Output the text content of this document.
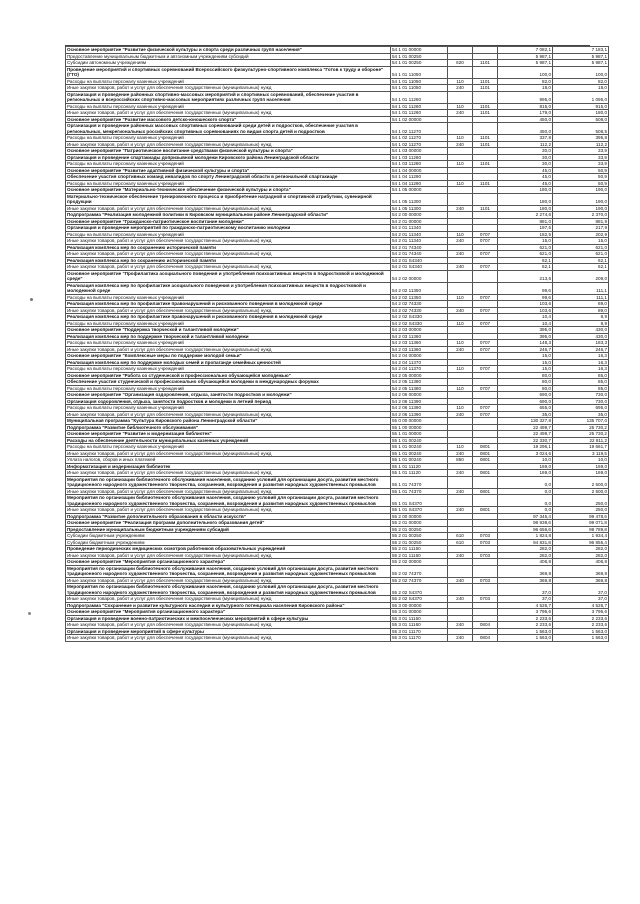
Основное мероприятие "Развитие физической культуры и спорта среди различных групп населения"	54 1 01 00000			7 082,1	7 183,1
Предоставление муниципальным бюджетным и автономным учреждениям субсидий	54 1 01 00250			5 987,1	5 987,1
Субсидии автономным учреждениям	54 1 01 00250	620	1101	5 987,1	5 987,1
Проведение мероприятий и спортивных соревнований Всероссийского физкультурно-спортивного комплекса "Готов к труду и обороне" (ГТО)	54 1 01 11050			100,0	100,0
Расходы на выплаты персоналу казенных учреждений	54 1 01 11050	110	1101	82,0	82,0
Иные закупки товаров, работ и услуг для обеспечения государственных (муниципальных) нужд	54 1 01 11050	240	1101	18,0	18,0
Организация и проведение районных спортивно-массовых мероприятий и спортивных соревнований, обеспечение участия в региональных и всероссийских спортивно-массовых мероприятиях различных групп населения	54 1 01 11260			995,0	1 096,0
Расходы на выплаты персоналу казенных учреждений	54 1 01 11260	110	1101	815,0	915,0
Иные закупки товаров, работ и услуг для обеспечения государственных (муниципальных) нужд	54 1 01 11260	240	1101	179,0	180,0
Основное мероприятие "Развитие массового детско-юношеского спорта"	54 1 02 00000			450,0	508,0
Организация и проведение районных массовых спортивных соревнований среди детей и подростков, обеспечение участия в региональных, межрегиональных российских спортивных соревнованиях по видам спорта детей и подростков	54 1 02 11270			450,0	508,5
Расходы на выплаты персоналу казенных учреждений	54 1 02 11270	110	1101	337,8	395,8
Иные закупки товаров, работ и услуг для обеспечения государственных (муниципальных) нужд	54 1 02 11270	240	1101	112,2	112,2
Основное мероприятие "Патриотическое воспитание средствами физической культуры и спорта"	54 1 03 00000			30,0	33,9
Организация и проведение спартакиады допризывной молодежи Кировского района Ленинградской области	54 1 03 11280			30,0	33,9
Расходы на выплаты персоналу казенных учреждений	54 1 03 11280	110	1101	30,0	33,9
Основное мероприятие "Развитие адаптивной физической культуры и спорта"	54 1 04 00000			45,0	50,9
Обеспечение участия спортивных команд инвалидов по спорту Ленинградской области в региональной спартакиаде	54 1 04 11290			45,0	50,9
Расходы на выплаты персоналу казенных учреждений	54 1 04 11290	110	1101	45,0	50,9
Основное мероприятие "Материально-техническое обеспечение физической культуры и спорта"	54 1 05 00000			180,0	190,0
Материально-техническое обеспечение тренировочного процесса и приобретение наградной и спортивной атрибутики, сувенирной продукции	54 1 05 11300			180,0	190,0
Иные закупки товаров, работ и услуг для обеспечения государственных (муниципальных) нужд	54 1 05 11300	240	1101	180,0	190,0
Подпрограмма "Реализация молодежной политики в Кировском муниципальном районе Ленинградской области"	54 2 00 00000			2 274,6	2 370,0
Основное мероприятие "Гражданско-патриотическое воспитание молодежи"	54 2 01 00000			881,0	881,9
Организация и проведение мероприятий по гражданско-патриотическому воспитанию молодежи	54 2 01 11340			197,5	217,9
Расходы на выплаты персоналу казенных учреждений	54 2 01 11340	110	0707	182,5	202,9
Иные закупки товаров, работ и услуг для обеспечения государственных (муниципальных) нужд	54 2 01 11340	240	0707	15,0	15,0
Реализация комплекса мер по сохранению исторической памяти	54 2 01 74340			621,0	621,0
Иные закупки товаров, работ и услуг для обеспечения государственных (муниципальных) нужд	54 2 01 74340	240	0707	621,0	621,0
Реализация комплекса мер по сохранению исторической памяти	54 2 01 S4340			62,1	62,1
Иные закупки товаров, работ и услуг для обеспечения государственных (муниципальных) нужд	54 2 01 S4340	240	0707	62,1	62,1
Основное мероприятие "Профилактика асоциального поведения и употребления психоактивных веществ в подростковой и молодежной среде"	54 2 02 00000			213,6	209,0
Реализация комплекса мер по профилактике асоциального поведения и употребления психоактивных веществ в подростковой и молодежной среде	54 2 02 11350			99,6	111,1
Расходы на выплаты персоналу казенных учреждений	54 2 02 11350	110	0707	99,6	111,1
Реализация комплекса мер по профилактике правонарушений и рискованного поведения в молодежной среде	54 2 02 74330			103,6	89,0
Иные закупки товаров, работ и услуг для обеспечения государственных (муниципальных) нужд	54 2 02 74330	240	0707	103,6	89,0
Реализация комплекса мер по профилактике правонарушений и рискованного поведения в молодежной среде	54 2 02 S4330			10,4	8,9
Расходы на выплаты персоналу казенных учреждений	54 2 02 S4330	110	0707	10,4	8,9
Основное мероприятие "Поддержка творческой и талантливой молодежи"	54 2 03 00000			395,0	430,0
Реализация комплекса мер по поддержке творческой и талантливой молодежи	54 2 03 11360			395,0	430,0
Расходы на выплаты персоналу казенных учреждений	54 2 03 11360	110	0707	148,3	183,3
Иные закупки товаров, работ и услуг для обеспечения государственных (муниципальных) нужд	54 2 03 11360	240	0707	246,7	246,7
Основное мероприятие "Комплексные меры по поддержке молодой семьи"	54 2 04 00000			15,0	16,3
Реализация комплекса мер по поддержке молодых семей и пропаганде семейных ценностей	54 2 04 11370			15,0	16,3
Расходы на выплаты персоналу казенных учреждений	54 2 04 11370	110	0707	15,0	16,3
Основное мероприятие "Работа со студенческой и профессионально обучающейся молодежью"	54 2 05 00000			80,0	85,0
Обеспечение участия студенческой и профессионально обучающейся молодежи в международных форумах	54 2 05 11380			80,0	85,0
Расходы на выплаты персоналу казенных учреждений	54 2 05 11380	110	0707	80,0	85,0
Основное мероприятие "Организация оздоровления, отдыха, занятости подростков и молодежи"	54 2 06 00000			690,0	730,0
Организация оздоровления, отдыха, занятости подростков и молодежи в летний период	54 2 06 11390			690,0	730,0
Расходы на выплаты персоналу казенных учреждений	54 2 06 11390	110	0707	655,0	695,0
Иные закупки товаров, работ и услуг для обеспечения государственных (муниципальных) нужд	54 2 06 11390	240	0707	35,0	35,0
Муниципальная программа "Культура Кировского района Ленинградской области"	55 0 00 00000			130 327,8	135 707,0
Подпрограмма "Развитие библиотечного обслуживания"	55 1 00 00000			22 499,7	25 730,2
Основное мероприятие "Развитие и модернизация библиотек"	55 1 01 00000			22 499,7	25 730,2
Расходы на обеспечение деятельности муниципальных казенных учреждений	55 1 01 00240			22 330,7	22 811,2
Расходы на выплаты персоналу казенных учреждений	55 1 01 00240	110	0801	19 296,1	19 661,7
Иные закупки товаров, работ и услуг для обеспечения государственных (муниципальных) нужд	55 1 01 00240	240	0801	3 024,6	3 119,5
Уплата налогов, сборов и иных платежей	55 1 01 00240	850	0801	10,0	10,0
Информатизация и модернизация библиотек	55 1 01 11120			169,0	169,0
Иные закупки товаров, работ и услуг для обеспечения государственных (муниципальных) нужд	55 1 01 11120	240	0801	169,0	169,0
Мероприятия по организации библиотечного обслуживания населения, созданию условий для организации досуга, развития местного традиционного народного художественного творчества, сохранения, возрождения и развития народных художественных промыслов	55 1 01 74370			0,0	2 500,0
Иные закупки товаров, работ и услуг для обеспечения государственных (муниципальных) нужд	55 1 01 74370	240	0801	0,0	2 500,0
Мероприятия по организации библиотечного обслуживания населения, созданию условий для организации досуга, развития местного традиционного народного художественного творчества, сохранения, возрождения и развития народных художественных промыслов	55 1 01 S4370			0,0	250,0
Иные закупки товаров, работ и услуг для обеспечения государственных (муниципальных) нужд	55 1 01 S4370	240	0801	0,0	250,0
Подпрограмма "Развитие дополнительного образования в области искусств"	55 2 00 00000			97 345,4	99 478,6
Основное мероприятие "Реализация программ дополнительного образования детей"	55 2 01 00000			96 938,6	99 071,8
Предоставление муниципальным бюджетным учреждениям субсидий	55 2 01 00250			96 656,6	98 789,8
Субсидии бюджетным учреждениям	55 2 01 00250	610	0703	1 824,8	1 934,4
Субсидии бюджетным учреждениям	55 2 01 00250	610	0703	94 831,8	96 855,4
Проведение периодических медицинских осмотров работников образовательных учреждений	55 2 01 11160			282,0	282,0
Иные закупки товаров, работ и услуг для обеспечения государственных (муниципальных) нужд	55 2 01 11160	240	0703	282,0	282,0
Основное мероприятие "Мероприятия организационного характера"	55 2 02 00000			406,8	406,8
Мероприятия по организации библиотечного обслуживания населения, созданию условий для организации досуга, развития местного традиционного народного художественного творчества, сохранения, возрождения и развития народных художественных промыслов	55 2 02 74370			369,8	369,8
Иные закупки товаров, работ и услуг для обеспечения государственных (муниципальных) нужд	55 2 02 74370	240	0703	369,8	369,8
Мероприятия по организации библиотечного обслуживания населения, созданию условий для организации досуга, развития местного традиционного народного художественного творчества, сохранения, возрождения и развития народных художественных промыслов	55 2 02 S4370			37,0	37,0
Иные закупки товаров, работ и услуг для обеспечения государственных (муниципальных) нужд	55 2 02 S4370	240	0703	37,0	37,0
Подпрограмма "Сохранение и развитие культурного наследия и культурного потенциала населения Кировского района"	55 3 00 00000			4 526,7	4 526,7
Основное мероприятие "Мероприятия организационного характера"	55 3 01 00000			3 796,6	3 796,6
Организация и проведение военно-патриотических и межпоселенческих мероприятий в сфере культуры	55 3 01 11160			2 233,6	2 233,6
Иные закупки товаров, работ и услуг для обеспечения государственных (муниципальных) нужд	55 3 01 11160	240	0804	2 233,6	2 233,6
Организация и проведение мероприятий в сфере культуры	55 3 01 11170			1 563,0	1 563,0
Иные закупки товаров, работ и услуг для обеспечения государственных (муниципальных) нужд	55 3 01 11170	240	0804	1 563,0	1 563,0
